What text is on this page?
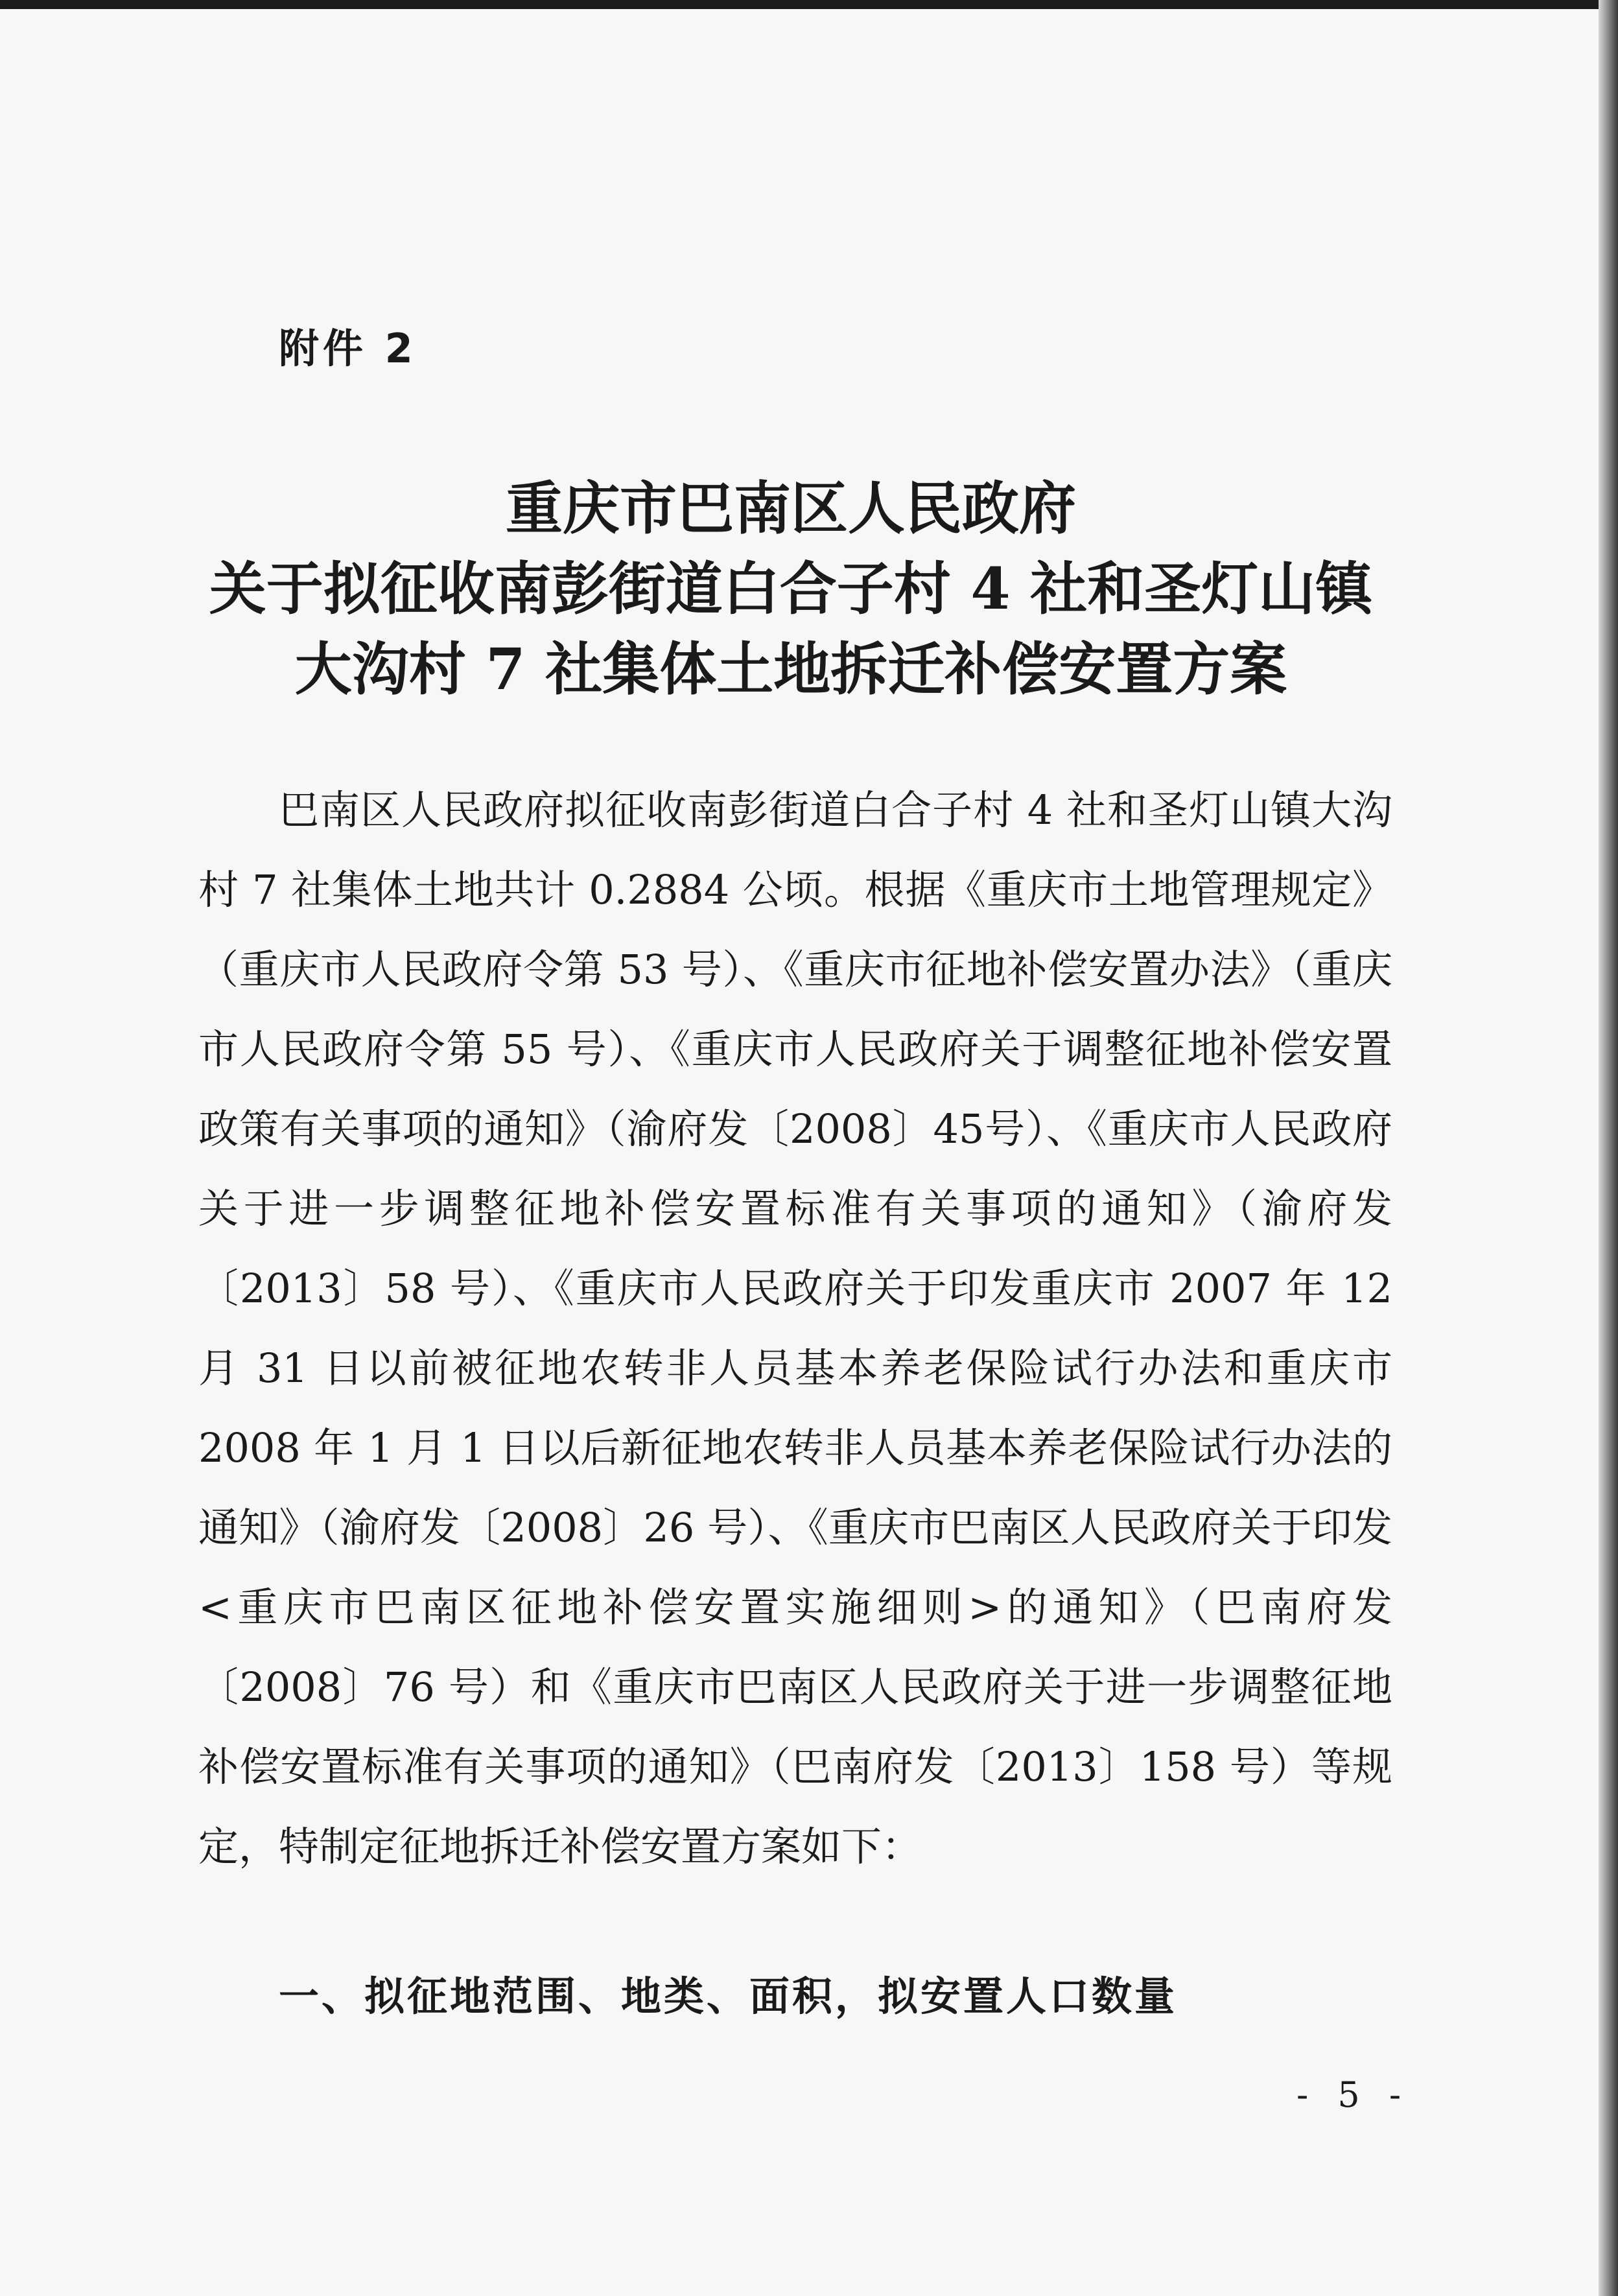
附件 2
重庆市巴南区人民政府
关于拟征收南彭街道白合子村 4 社和圣灯山镇
大沟村 7 社集体土地拆迁补偿安置方案

巴南区人民政府拟征收南彭街道白合子村 4 社和圣灯山镇大沟村 7 社集体土地共计 0.2884 公顷。根据《重庆市土地管理规定》（重庆市人民政府令第 53 号）、《重庆市征地补偿安置办法》（重庆市人民政府令第 55 号）、《重庆市人民政府关于调整征地补偿安置政策有关事项的通知》（渝府发〔2008〕45号）、《重庆市人民政府关于进一步调整征地补偿安置标准有关事项的通知》（渝府发〔2013〕58 号）、《重庆市人民政府关于印发重庆市 2007 年 12 月 31 日以前被征地农转非人员基本养老保险试行办法和重庆市 2008 年 1 月 1 日以后新征地农转非人员基本养老保险试行办法的通知》（渝府发〔2008〕26 号）、《重庆市巴南区人民政府关于印发<重庆市巴南区征地补偿安置实施细则>的通知》（巴南府发〔2008〕76 号）和《重庆市巴南区人民政府关于进一步调整征地补偿安置标准有关事项的通知》（巴南府发〔2013〕158 号）等规定，特制定征地拆迁补偿安置方案如下：

一、拟征地范围、地类、面积，拟安置人口数量
- 5 -
